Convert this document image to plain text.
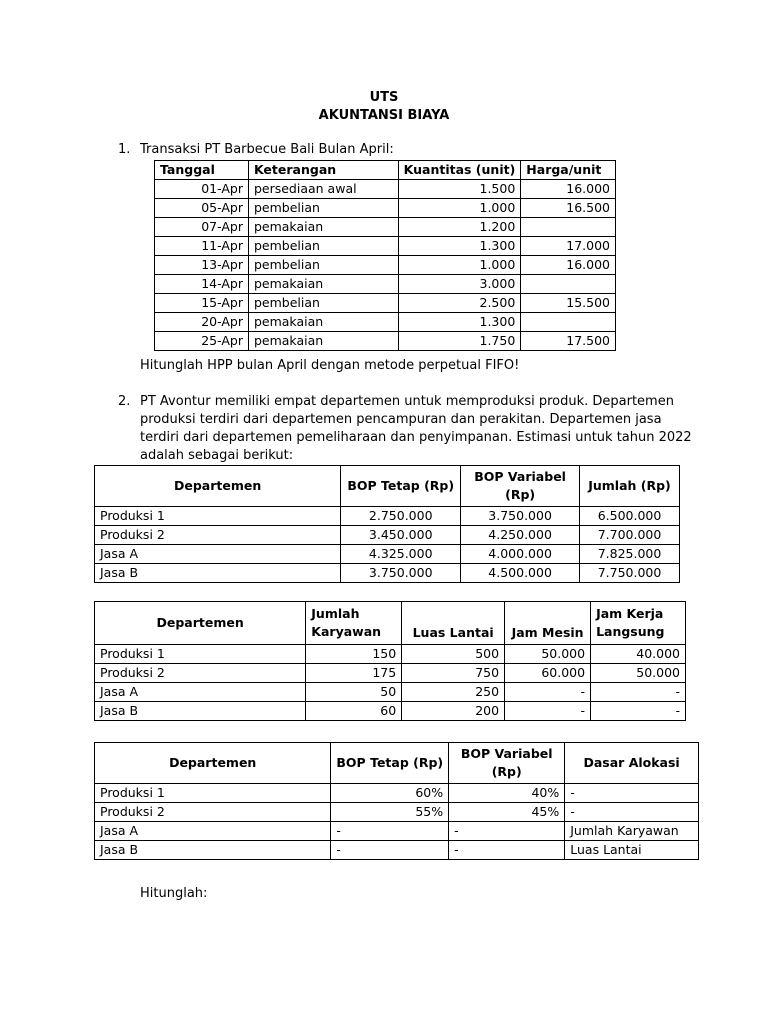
UTS
AKUNTANSI BIAYA
1. Transaksi PT Barbecue Bali Bulan April:
Tanggal	Keterangan	Kuantitas (unit)	Harga/unit
01-Apr	persediaan awal	1.500	16.000
05-Apr	pembelian	1.000	16.500
07-Apr	pemakaian	1.200	
11-Apr	pembelian	1.300	17.000
13-Apr	pembelian	1.000	16.000
14-Apr	pemakaian	3.000	
15-Apr	pembelian	2.500	15.500
20-Apr	pemakaian	1.300	
25-Apr	pemakaian	1.750	17.500
Hitunglah HPP bulan April dengan metode perpetual FIFO!
2. PT Avontur memiliki empat departemen untuk memproduksi produk. Departemen
produksi terdiri dari departemen pencampuran dan perakitan. Departemen jasa
terdiri dari departemen pemeliharaan dan penyimpanan. Estimasi untuk tahun 2022
adalah sebagai berikut:
Departemen	BOP Tetap (Rp)	BOP Variabel (Rp)	Jumlah (Rp)
Produksi 1	2.750.000	3.750.000	6.500.000
Produksi 2	3.450.000	4.250.000	7.700.000
Jasa A	4.325.000	4.000.000	7.825.000
Jasa B	3.750.000	4.500.000	7.750.000
Departemen	Jumlah Karyawan	Luas Lantai	Jam Mesin	Jam Kerja Langsung
Produksi 1	150	500	50.000	40.000
Produksi 2	175	750	60.000	50.000
Jasa A	50	250	-	-
Jasa B	60	200	-	-
Departemen	BOP Tetap (Rp)	BOP Variabel (Rp)	Dasar Alokasi
Produksi 1	60%	40%	-
Produksi 2	55%	45%	-
Jasa A	-	-	Jumlah Karyawan
Jasa B	-	-	Luas Lantai
Hitunglah:
